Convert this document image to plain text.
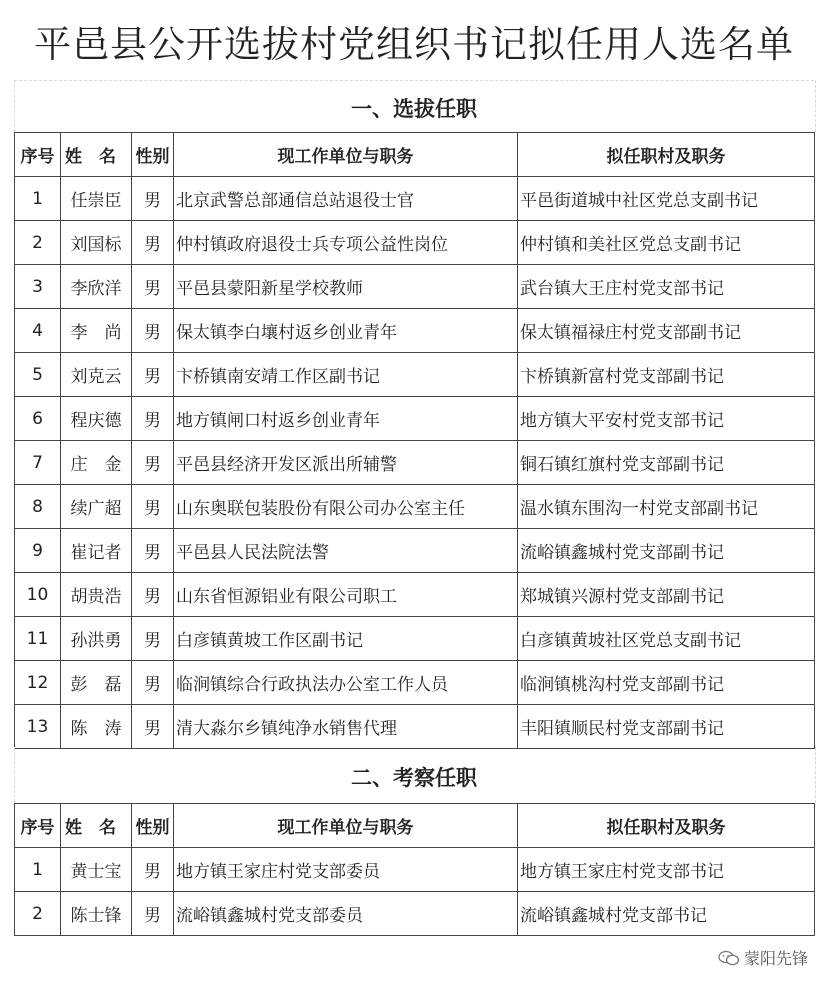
平邑县公开选拔村党组织书记拟任用人选名单
一、选拔任职
序号	姓　名	性别	现工作单位与职务	拟任职村及职务
1	任崇臣	男	北京武警总部通信总站退役士官	平邑街道城中社区党总支副书记
2	刘国标	男	仲村镇政府退役士兵专项公益性岗位	仲村镇和美社区党总支副书记
3	李欣洋	男	平邑县蒙阳新星学校教师	武台镇大王庄村党支部书记
4	李　尚	男	保太镇李白壤村返乡创业青年	保太镇福禄庄村党支部副书记
5	刘克云	男	卞桥镇南安靖工作区副书记	卞桥镇新富村党支部副书记
6	程庆德	男	地方镇闸口村返乡创业青年	地方镇大平安村党支部书记
7	庄　金	男	平邑县经济开发区派出所辅警	铜石镇红旗村党支部副书记
8	续广超	男	山东奥联包装股份有限公司办公室主任	温水镇东围沟一村党支部副书记
9	崔记者	男	平邑县人民法院法警	流峪镇鑫城村党支部副书记
10	胡贵浩	男	山东省恒源铝业有限公司职工	郑城镇兴源村党支部副书记
11	孙洪勇	男	白彦镇黄坡工作区副书记	白彦镇黄坡社区党总支副书记
12	彭　磊	男	临涧镇综合行政执法办公室工作人员	临涧镇桃沟村党支部副书记
13	陈　涛	男	清大淼尔乡镇纯净水销售代理	丰阳镇顺民村党支部副书记
二、考察任职
序号	姓　名	性别	现工作单位与职务	拟任职村及职务
1	黄士宝	男	地方镇王家庄村党支部委员	地方镇王家庄村党支部书记
2	陈士锋	男	流峪镇鑫城村党支部委员	流峪镇鑫城村党支部书记
蒙阳先锋
